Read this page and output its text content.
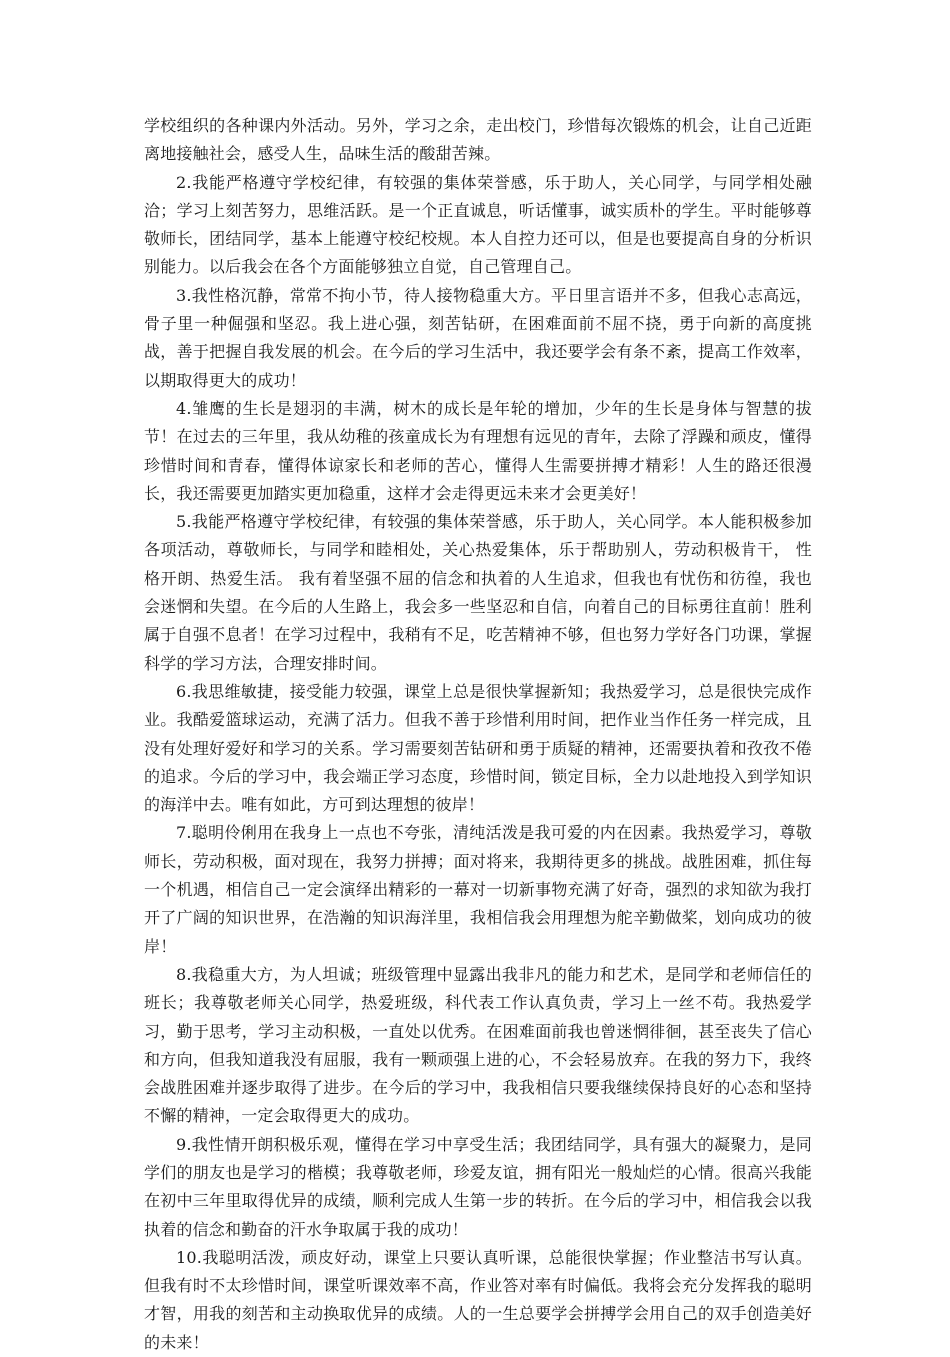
学校组织的各种课内外活动。另外，学习之余，走出校门，珍惜每次锻炼的机会，让自己近距离地接触社会，感受人生，品味生活的酸甜苦辣。

2.我能严格遵守学校纪律，有较强的集体荣誉感，乐于助人，关心同学，与同学相处融洽；学习上刻苦努力，思维活跃。是一个正直诚息，听话懂事，诚实质朴的学生。平时能够尊敬师长，团结同学，基本上能遵守校纪校规。本人自控力还可以，但是也要提高自身的分析识别能力。以后我会在各个方面能够独立自觉，自己管理自己。

3.我性格沉静，常常不拘小节，待人接物稳重大方。平日里言语并不多，但我心志高远，骨子里一种倔强和坚忍。我上进心强，刻苦钻研，在困难面前不屈不挠，勇于向新的高度挑战，善于把握自我发展的机会。在今后的学习生活中，我还要学会有条不紊，提高工作效率，以期取得更大的成功！

4.雏鹰的生长是翅羽的丰满，树木的成长是年轮的增加，少年的生长是身体与智慧的拔节！在过去的三年里，我从幼稚的孩童成长为有理想有远见的青年，去除了浮躁和顽皮，懂得珍惜时间和青春，懂得体谅家长和老师的苦心，懂得人生需要拼搏才精彩！人生的路还很漫长，我还需要更加踏实更加稳重，这样才会走得更远未来才会更美好！

5.我能严格遵守学校纪律，有较强的集体荣誉感，乐于助人，关心同学。本人能积极参加各项活动，尊敬师长，与同学和睦相处，关心热爱集体，乐于帮助别人，劳动积极肯干， 性格开朗、热爱生活。 我有着坚强不屈的信念和执着的人生追求，但我也有忧伤和彷徨，我也会迷惘和失望。在今后的人生路上，我会多一些坚忍和自信，向着自己的目标勇往直前！胜利属于自强不息者！在学习过程中，我稍有不足，吃苦精神不够，但也努力学好各门功课，掌握科学的学习方法，合理安排时间。

6.我思维敏捷，接受能力较强，课堂上总是很快掌握新知；我热爱学习，总是很快完成作业。我酷爱篮球运动，充满了活力。但我不善于珍惜利用时间，把作业当作任务一样完成，且没有处理好爱好和学习的关系。学习需要刻苦钻研和勇于质疑的精神，还需要执着和孜孜不倦的追求。今后的学习中，我会端正学习态度，珍惜时间，锁定目标，全力以赴地投入到学知识的海洋中去。唯有如此，方可到达理想的彼岸！

7.聪明伶俐用在我身上一点也不夸张，清纯活泼是我可爱的内在因素。我热爱学习，尊敬师长，劳动积极，面对现在，我努力拼搏；面对将来，我期待更多的挑战。战胜困难，抓住每一个机遇，相信自己一定会演绎出精彩的一幕对一切新事物充满了好奇，强烈的求知欲为我打开了广阔的知识世界，在浩瀚的知识海洋里，我相信我会用理想为舵辛勤做桨，划向成功的彼岸！

8.我稳重大方，为人坦诚；班级管理中显露出我非凡的能力和艺术，是同学和老师信任的班长；我尊敬老师关心同学，热爱班级，科代表工作认真负责，学习上一丝不苟。我热爱学习，勤于思考，学习主动积极，一直处以优秀。在困难面前我也曾迷惘徘徊，甚至丧失了信心和方向，但我知道我没有屈服，我有一颗顽强上进的心，不会轻易放弃。在我的努力下，我终会战胜困难并逐步取得了进步。在今后的学习中，我我相信只要我继续保持良好的心态和坚持不懈的精神，一定会取得更大的成功。

9.我性情开朗积极乐观，懂得在学习中享受生活；我团结同学，具有强大的凝聚力，是同学们的朋友也是学习的楷模；我尊敬老师，珍爱友谊，拥有阳光一般灿烂的心情。很高兴我能在初中三年里取得优异的成绩，顺利完成人生第一步的转折。在今后的学习中，相信我会以我执着的信念和勤奋的汗水争取属于我的成功！

10.我聪明活泼，顽皮好动，课堂上只要认真听课，总能很快掌握；作业整洁书写认真。但我有时不太珍惜时间，课堂听课效率不高，作业答对率有时偏低。我将会充分发挥我的聪明才智，用我的刻苦和主动换取优异的成绩。人的一生总要学会拼搏学会用自己的双手创造美好的未来！
